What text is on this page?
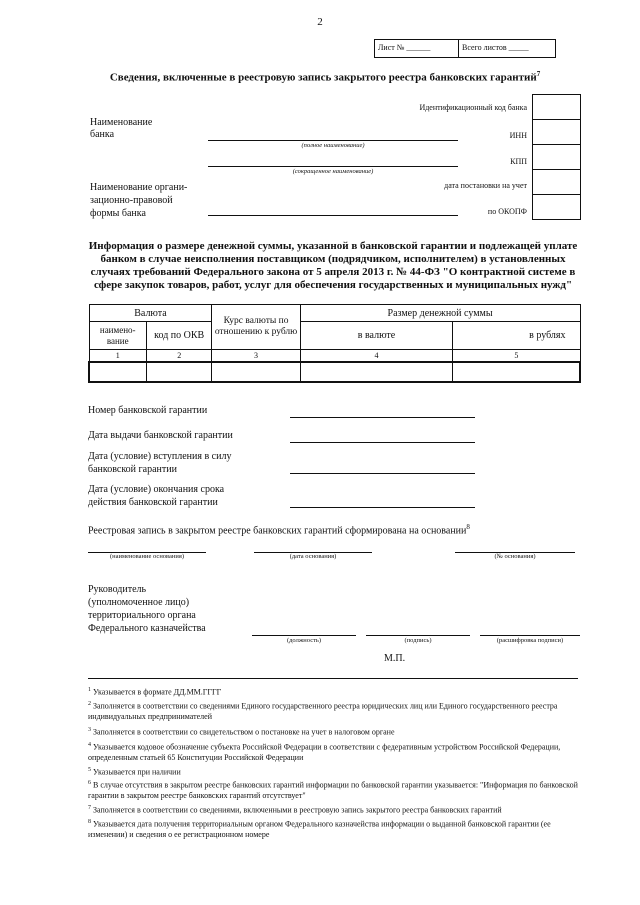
2
Лист № ______	Всего листов _____
Сведения, включенные в реестровую запись закрытого реестра банковских гарантий$^7$
Наименование
банка
Наименование органи-
зационно-правовой
формы банка
(полное наименование)
(сокращенное наименование)
Идентификационный код банка
ИНН
КПП
дата постановки на учет
по ОКОПФ
Информация о размере денежной суммы, указанной в банковской гарантии и подлежащей уплате банком в случае неисполнения поставщиком (подрядчиком, исполнителем) в установленных случаях требований Федерального закона от 5 апреля 2013 г. № 44-ФЗ "О контрактной системе в сфере закупок товаров, работ, услуг для обеспечения государственных и муниципальных нужд"
Валюта		Курс валюты по отношению к рублю	Размер денежной суммы	
наимено-вание	код по ОКВ		в валюте	в рублях
1	2	3	4	5

Номер банковской гарантии
Дата выдачи банковской гарантии
Дата (условие) вступления в силу банковской гарантии
Дата (условие) окончания срока действия банковской гарантии
Реестровая запись в закрытом реестре банковских гарантий сформирована на основании$^8$
(наименование основания)	(дата основания)	(№ основания)
Руководитель
(уполномоченное лицо)
территориального органа
Федерального казначейства
(должность)	(подпись)	(расшифровка подписи)
М.П.
$^1$ Указывается в формате ДД.ММ.ГГГГ
$^2$ Заполняется в соответствии со сведениями Единого государственного реестра юридических лиц или Единого государственного реестра индивидуальных предпринимателей
$^3$ Заполняется в соответствии со свидетельством о постановке на учет в налоговом органе
$^4$ Указывается кодовое обозначение субъекта Российской Федерации в соответствии с федеративным устройством Российской Федерации, определенным статьей 65 Конституции Российской Федерации
$^5$ Указывается при наличии
$^6$ В случае отсутствия в закрытом реестре банковских гарантий информации по банковской гарантии указывается: "Информация по банковской гарантии в закрытом реестре банковских гарантий отсутствует"
$^7$ Заполняется в соответствии со сведениями, включенными в реестровую запись закрытого реестра банковских гарантий
$^8$ Указывается дата получения территориальным органом Федерального казначейства информации о выданной банковской гарантии (ее изменении) и сведения о ее регистрационном номере
